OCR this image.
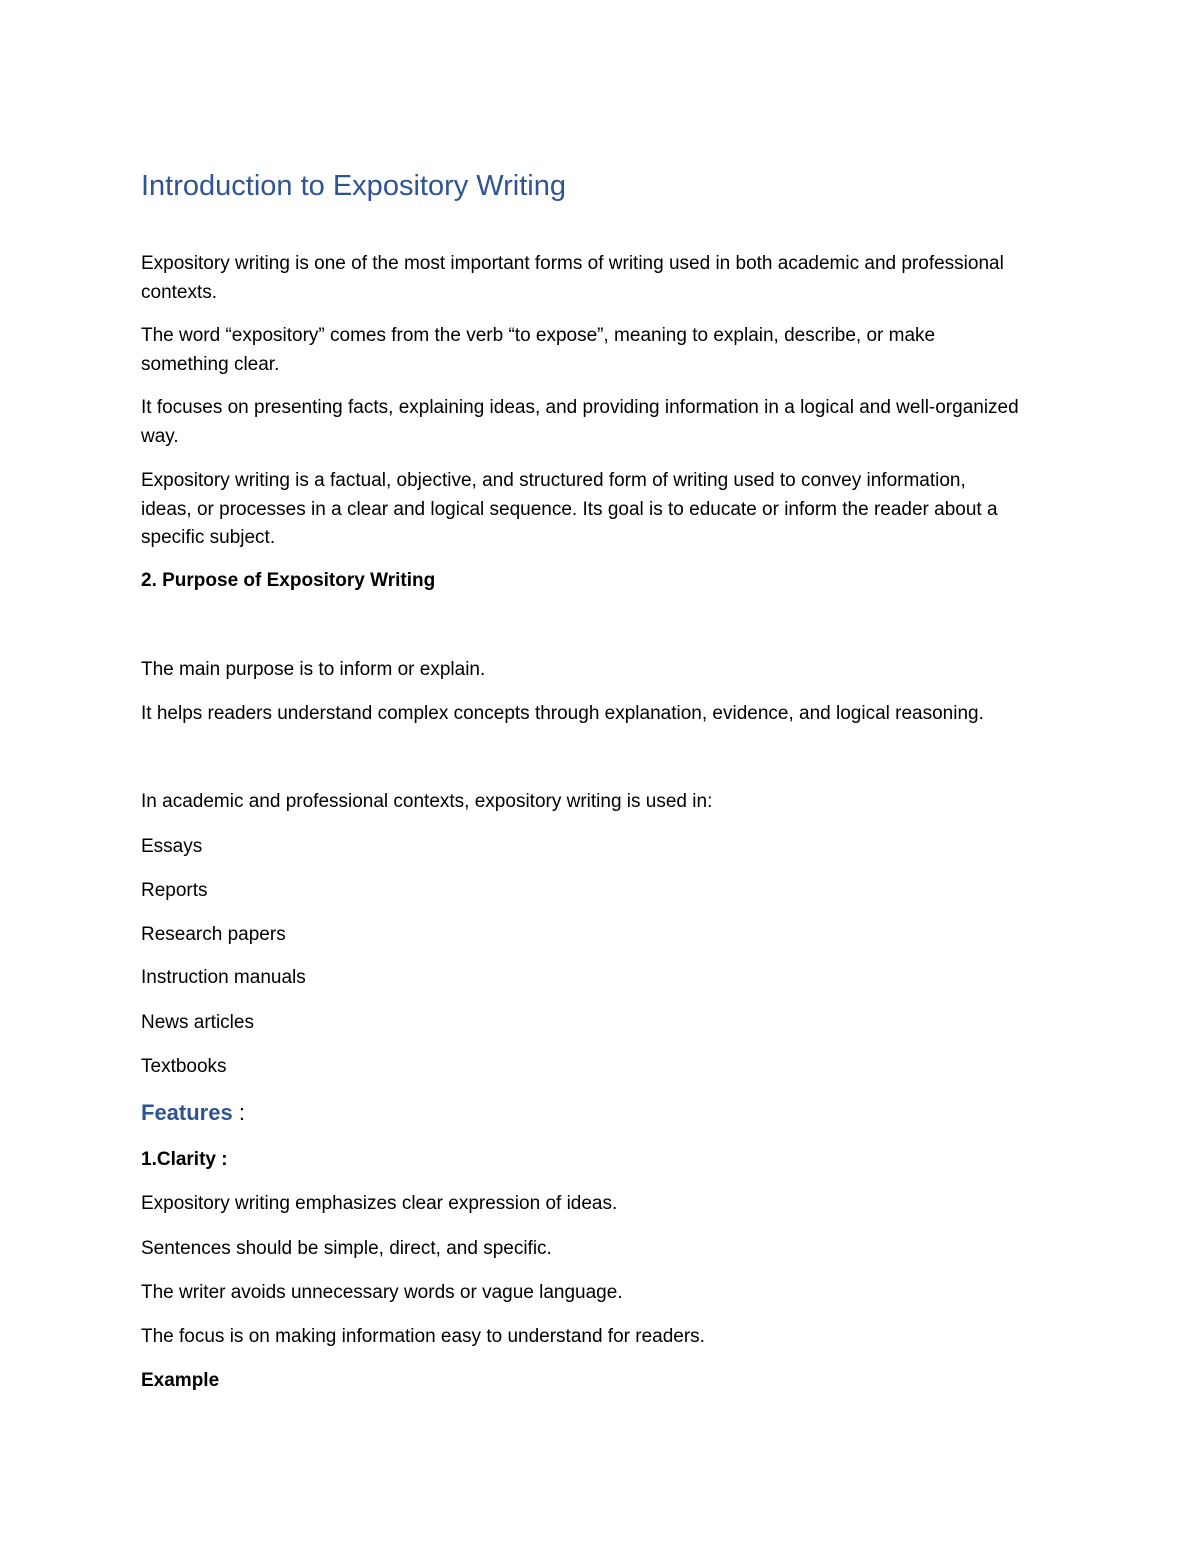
Introduction to Expository Writing

Expository writing is one of the most important forms of writing used in both academic and professional

contexts.

The word “expository” comes from the verb “to expose”, meaning to explain, describe, or make

something clear.

It focuses on presenting facts, explaining ideas, and providing information in a logical and well-organized

way.

Expository writing is a factual, objective, and structured form of writing used to convey information,

ideas, or processes in a clear and logical sequence. Its goal is to educate or inform the reader about a

specific subject.

2. Purpose of Expository Writing

The main purpose is to inform or explain.

It helps readers understand complex concepts through explanation, evidence, and logical reasoning.

In academic and professional contexts, expository writing is used in:

Essays

Reports

Research papers

Instruction manuals

News articles

Textbooks

Features :
1.Clarity :

Expository writing emphasizes clear expression of ideas.

Sentences should be simple, direct, and specific.

The writer avoids unnecessary words or vague language.

The focus is on making information easy to understand for readers.

Example
